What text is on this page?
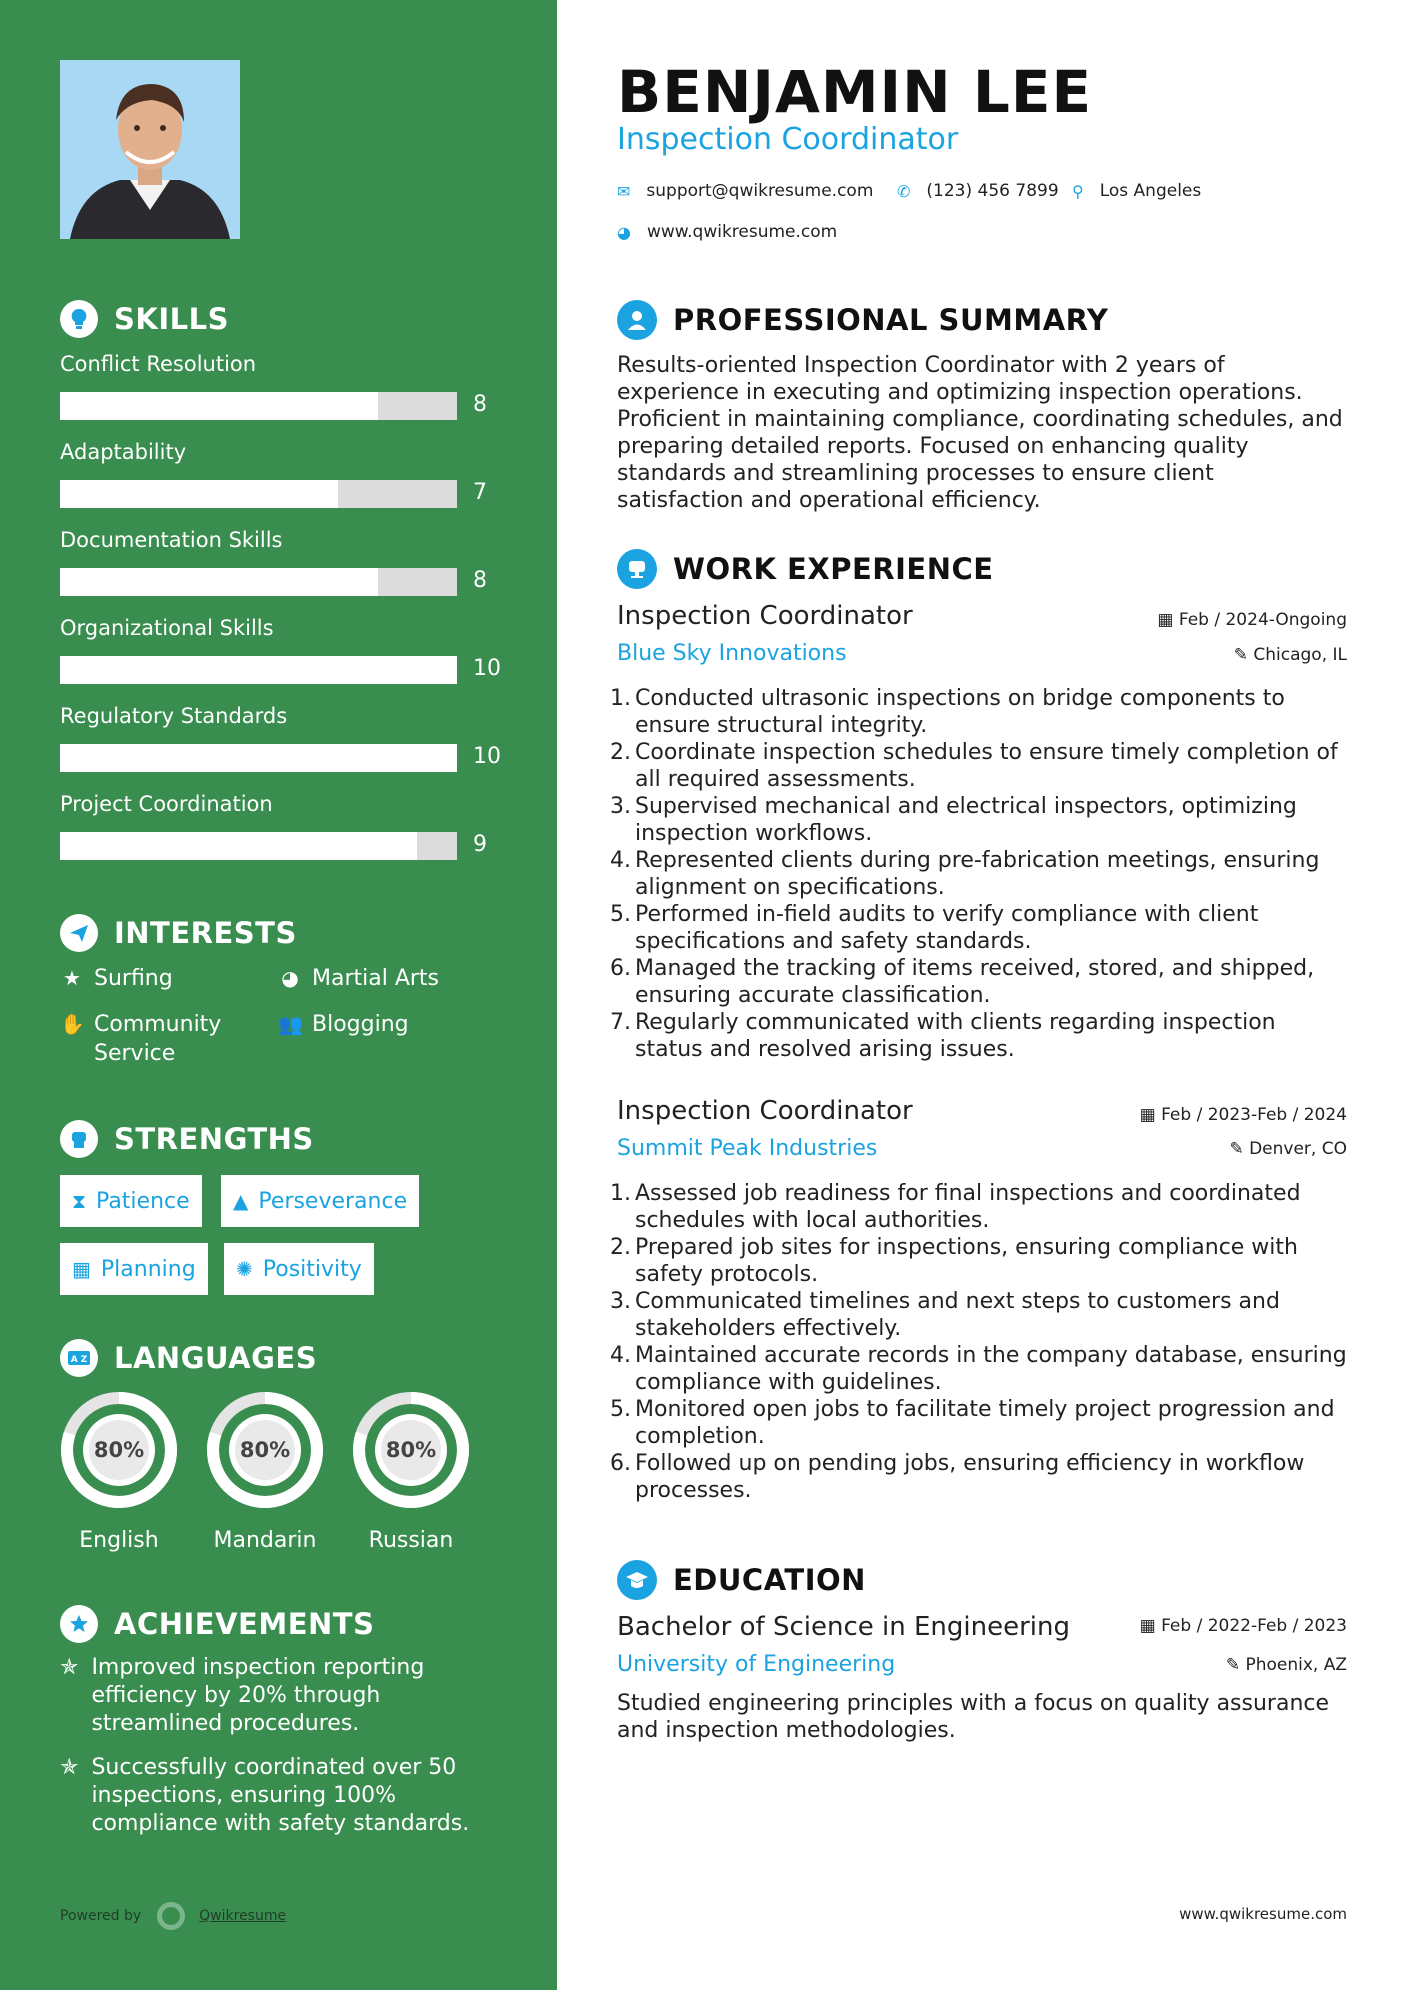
SKILLS
INTERESTS
★ Surfing	◕ Martial Arts
✋ Community Service
👥 Blogging
STRENGTHS
⧗ Patience ▲ Perseverance
▦ Planning ✺ Positivity
A Z LANGUAGES
ACHIEVEMENTS
✯ Improved inspection reporting efficiency by 20% through streamlined procedures.
✯ Successfully coordinated over 50 inspections, ensuring 100% compliance with safety standards.
Powered by	Qwikresume
Conflict Resolution
8
Adaptability
7
Documentation Skills
8
Organizational Skills
10
Regulatory Standards
10
Project Coordination
9
80%
English
80%
Mandarin
80%
Russian
BENJAMIN LEE
Inspection Coordinator
✉ support@qwikresume.com ✆ (123) 456 7899 ⚲ Los Angeles
◕ www.qwikresume.com
PROFESSIONAL SUMMARY
Results-oriented Inspection Coordinator with 2 years of experience in executing and optimizing inspection operations. Proficient in maintaining compliance, coordinating schedules, and preparing detailed reports. Focused on enhancing quality standards and streamlining processes to ensure client satisfaction and operational efficiency.
WORK EXPERIENCE
Inspection Coordinator	▦ Feb / 2024-Ongoing
Blue Sky Innovations	✎ Chicago, IL
1. Conducted ultrasonic inspections on bridge components to ensure structural integrity.
2. Coordinate inspection schedules to ensure timely completion of all required assessments.
3. Supervised mechanical and electrical inspectors, optimizing inspection workflows.
4. Represented clients during pre-fabrication meetings, ensuring alignment on specifications.
5. Performed in-field audits to verify compliance with client specifications and safety standards.
6. Managed the tracking of items received, stored, and shipped, ensuring accurate classification.
7. Regularly communicated with clients regarding inspection status and resolved arising issues.
Inspection Coordinator	▦ Feb / 2023-Feb / 2024
Summit Peak Industries	✎ Denver, CO
1. Assessed job readiness for final inspections and coordinated schedules with local authorities.
2. Prepared job sites for inspections, ensuring compliance with safety protocols.
3. Communicated timelines and next steps to customers and stakeholders effectively.
4. Maintained accurate records in the company database, ensuring compliance with guidelines.
5. Monitored open jobs to facilitate timely project progression and completion.
6. Followed up on pending jobs, ensuring efficiency in workflow processes.
EDUCATION
Bachelor of Science in Engineering	▦ Feb / 2022-Feb / 2023
University of Engineering	✎ Phoenix, AZ
Studied engineering principles with a focus on quality assurance and inspection methodologies.
www.qwikresume.com
